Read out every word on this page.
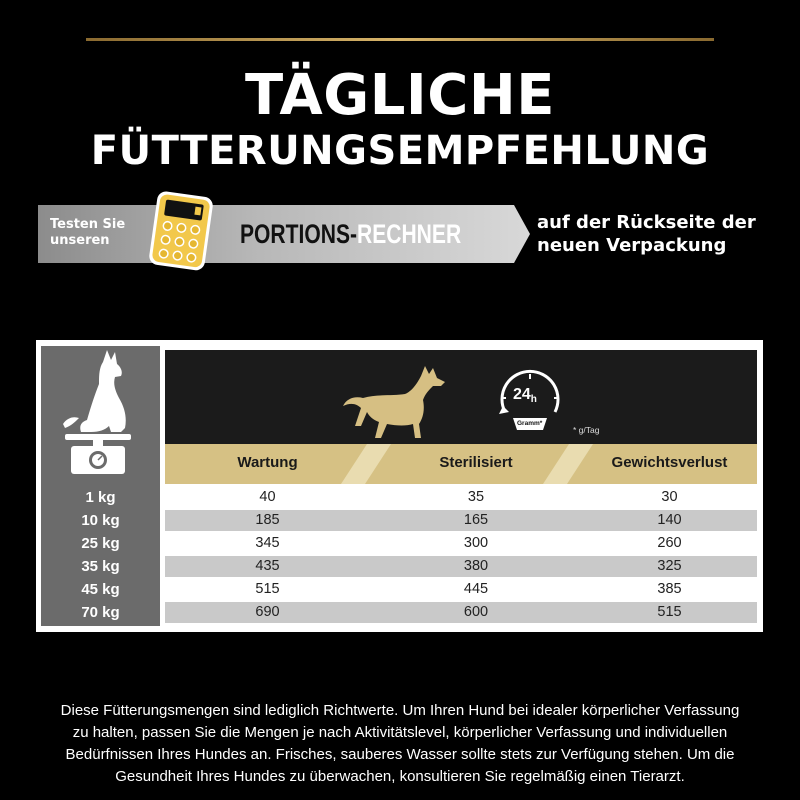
TÄGLICHE
FÜTTERUNGSEMPFEHLUNG
Testen Sie
unseren	PORTIONS-RECHNER	auf der Rückseite der
neuen Verpackung
24h
Gramm*
* g/Tag
Wartung	Sterilisiert	Gewichtsverlust
1 kg	40	35	30
10 kg	185	165	140
25 kg	345	300	260
35 kg	435	380	325
45 kg	515	445	385
70 kg	690	600	515
Diese Fütterungsmengen sind lediglich Richtwerte. Um Ihren Hund bei idealer körperlicher Verfassung
zu halten, passen Sie die Mengen je nach Aktivitätslevel, körperlicher Verfassung und individuellen
Bedürfnissen Ihres Hundes an. Frisches, sauberes Wasser sollte stets zur Verfügung stehen. Um die
Gesundheit Ihres Hundes zu überwachen, konsultieren Sie regelmäßig einen Tierarzt.
